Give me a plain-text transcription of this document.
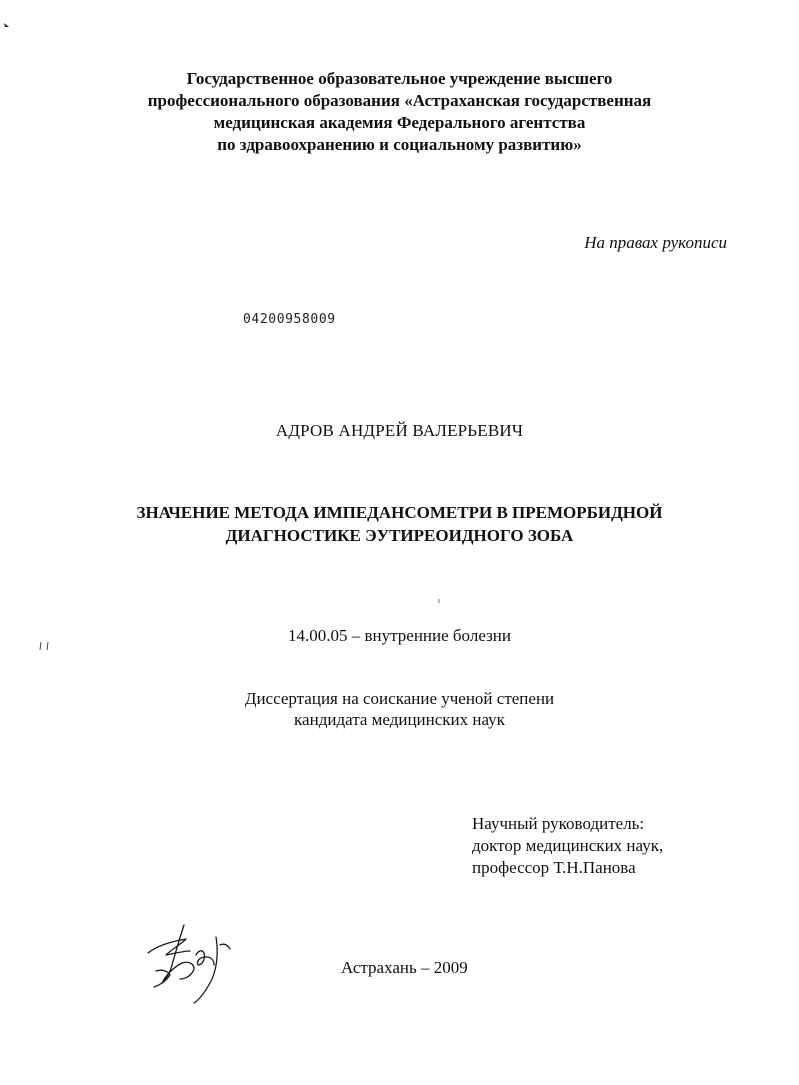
Государственное образовательное учреждение высшего
профессионального образования «Астраханская государственная
медицинская академия Федерального агентства
по здравоохранению и социальному развитию»
На правах рукописи
04200958009
АДРОВ АНДРЕЙ ВАЛЕРЬЕВИЧ
ЗНАЧЕНИЕ МЕТОДА ИМПЕДАНСОМЕТРИ В ПРЕМОРБИДНОЙ
ДИАГНОСТИКЕ ЭУТИРЕОИДНОГО ЗОБА
14.00.05 – внутренние болезни
Диссертация на соискание ученой степени
кандидата медицинских наук
Научный руководитель:
доктор медицинских наук,
профессор Т.Н.Панова
Астрахань – 2009
